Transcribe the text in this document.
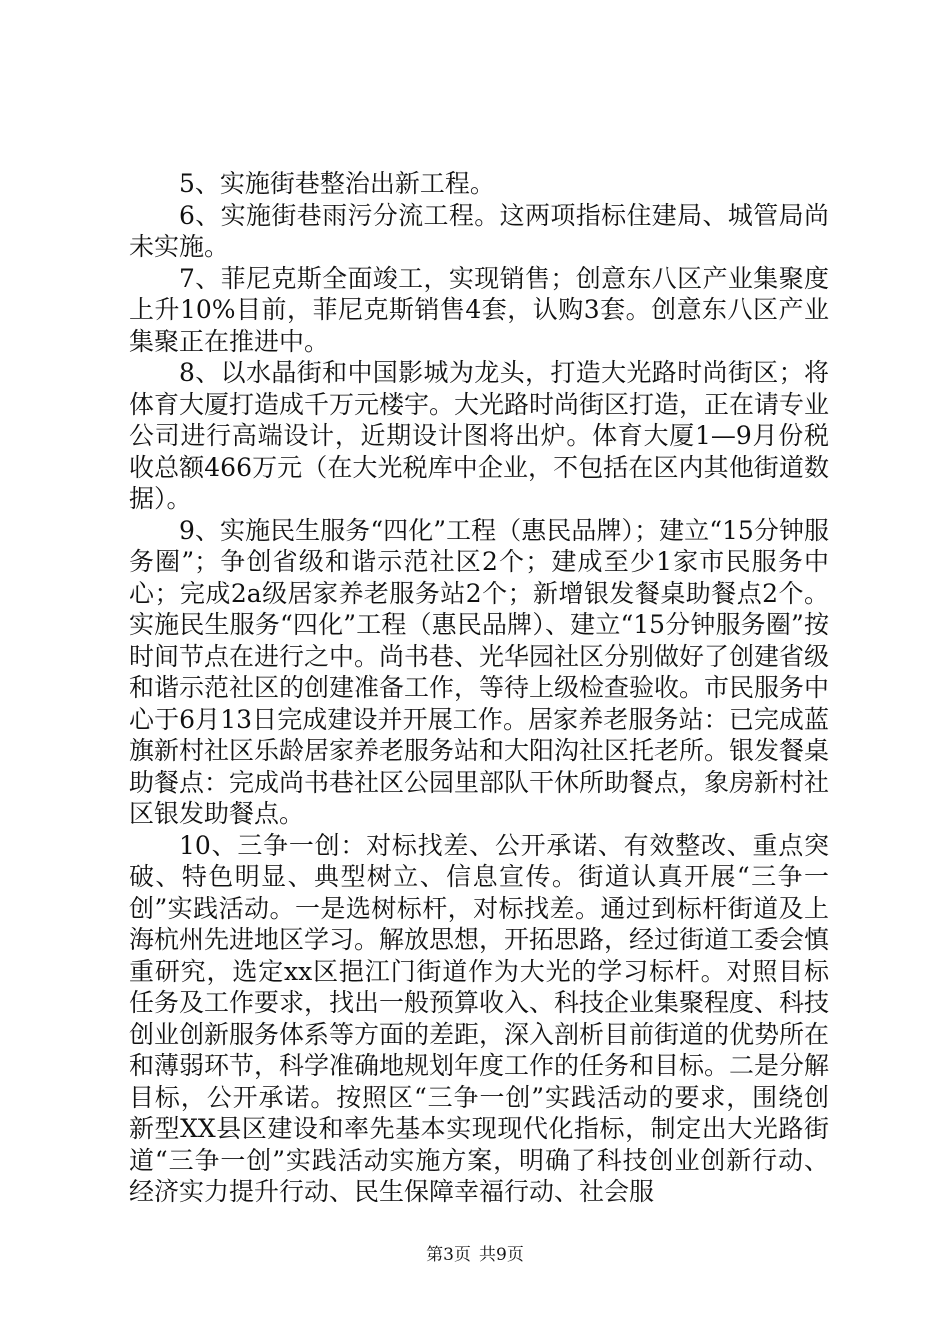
5、实施街巷整治出新工程。

6、实施街巷雨污分流工程。这两项指标住建局、城管局尚未实施。

7、菲尼克斯全面竣工，实现销售；创意东八区产业集聚度上升10%目前，菲尼克斯销售4套，认购3套。创意东八区产业集聚正在推进中。

8、以水晶街和中国影城为龙头，打造大光路时尚街区；将体育大厦打造成千万元楼宇。大光路时尚街区打造，正在请专业公司进行高端设计，近期设计图将出炉。体育大厦1—9月份税收总额466万元（在大光税库中企业，不包括在区内其他街道数据）。

9、实施民生服务“四化”工程（惠民品牌）；建立“15分钟服务圈”；争创省级和谐示范社区2个；建成至少1家市民服务中心；完成2a级居家养老服务站2个；新增银发餐桌助餐点2个。实施民生服务“四化”工程（惠民品牌）、建立“15分钟服务圈”按时间节点在进行之中。尚书巷、光华园社区分别做好了创建省级和谐示范社区的创建准备工作，等待上级检查验收。市民服务中心于6月13日完成建设并开展工作。居家养老服务站：已完成蓝旗新村社区乐龄居家养老服务站和大阳沟社区托老所。银发餐桌助餐点：完成尚书巷社区公园里部队干休所助餐点，象房新村社区银发助餐点。

10、三争一创：对标找差、公开承诺、有效整改、重点突破、特色明显、典型树立、信息宣传。街道认真开展“三争一创”实践活动。一是选树标杆，对标找差。通过到标杆街道及上海杭州先进地区学习。解放思想，开拓思路，经过街道工委会慎重研究，选定xx区挹江门街道作为大光的学习标杆。对照目标任务及工作要求，找出一般预算收入、科技企业集聚程度、科技创业创新服务体系等方面的差距，深入剖析目前街道的优势所在和薄弱环节，科学准确地规划年度工作的任务和目标。二是分解目标，公开承诺。按照区“三争一创”实践活动的要求，围绕创新型XX县区建设和率先基本实现现代化指标，制定出大光路街道“三争一创”实践活动实施方案，明确了科技创业创新行动、经济实力提升行动、民生保障幸福行动、社会服

第3页 共9页
